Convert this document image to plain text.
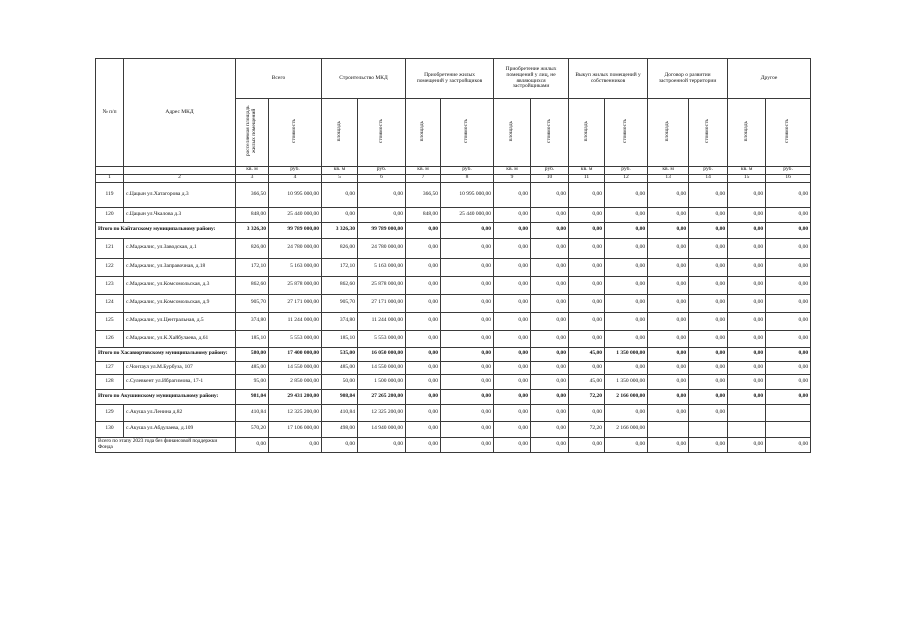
№ п/п	Адрес МКД	Всего		Строительство МКД		Приобретение жилых помещений у застройщиков		Приобретение жилых помещений у лиц, не являющихся застройщиками		Выкуп жилых помещений у собственников		Договор о развитии застроенной территории		Другое	
		расселяемая площадь жилых помещений	стоимость	площадь	стоимость	площадь	стоимость	площадь	стоимость	площадь	стоимость	площадь	стоимость	площадь	стоимость
		кв. м	руб.	кв. м	руб.	кв. м	руб.	кв. м	руб.	кв. м	руб.	кв. м	руб.	кв. м	руб.
1	2	3	4	5	6	7	8	9	10	11	12	13	14	15	16
119	с.Цацын ул.Хатагорова д.3	366,50	10 995 000,00	0,00	0,00	366,50	10 995 000,00	0,00	0,00	0,00	0,00	0,00	0,00	0,00	0,00
120	с.Цацын ул.Чкалова д.3	848,00	25 440 000,00	0,00	0,00	848,00	25 440 000,00	0,00	0,00	0,00	0,00	0,00	0,00	0,00	0,00
Итого по Кайтагскому муниципальному району:		3 326,30	99 789 000,00	3 326,30	99 789 000,00	0,00	0,00	0,00	0,00	0,00	0,00	0,00	0,00	0,00	0,00
121	с.Маджалис, ул.Заводская, д.1	826,00	24 780 000,00	826,00	24 780 000,00	0,00	0,00	0,00	0,00	0,00	0,00	0,00	0,00	0,00	0,00
122	с.Маджалис, ул.Заправочная, д.18	172,10	5 163 000,00	172,10	5 163 000,00	0,00	0,00	0,00	0,00	0,00	0,00	0,00	0,00	0,00	0,00
123	с.Маджалис, ул.Комсомольская, д.3	862,60	25 878 000,00	862,60	25 878 000,00	0,00	0,00	0,00	0,00	0,00	0,00	0,00	0,00	0,00	0,00
124	с.Маджалис, ул.Комсомольская, д.9	905,70	27 171 000,00	905,70	27 171 000,00	0,00	0,00	0,00	0,00	0,00	0,00	0,00	0,00	0,00	0,00
125	с.Маджалис, ул.Центральная, д.5	374,80	11 244 000,00	374,80	11 244 000,00	0,00	0,00	0,00	0,00	0,00	0,00	0,00	0,00	0,00	0,00
126	с.Маджалис, ул.К.Хайбулаева, д.61	185,10	5 553 000,00	185,10	5 553 000,00	0,00	0,00	0,00	0,00	0,00	0,00	0,00	0,00	0,00	0,00
Итого по Хасавюртовскому муниципальному району:		580,00	17 400 000,00	535,00	16 050 000,00	0,00	0,00	0,00	0,00	45,00	1 350 000,00	0,00	0,00	0,00	0,00
127	с.Чонтаул ул.М.Бурбуза, 107	485,00	14 550 000,00	485,00	14 550 000,00	0,00	0,00	0,00	0,00	0,00	0,00	0,00	0,00	0,00	0,00
128	с.Сулевкент ул.Ибрагимова, 17-1	95,00	2 850 000,00	50,00	1 500 000,00	0,00	0,00	0,00	0,00	45,00	1 350 000,00	0,00	0,00	0,00	0,00
Итого по Акушинскому муниципальному району:		981,04	29 431 200,00	908,84	27 265 200,00	0,00	0,00	0,00	0,00	72,20	2 166 000,00	0,00	0,00	0,00	0,00
129	с.Акуша ул.Ленина д.82	410,84	12 325 200,00	410,84	12 325 200,00	0,00	0,00	0,00	0,00	0,00	0,00	0,00	0,00		
130	с.Акуша ул.Абдулаева, д.109	570,20	17 106 000,00	498,00	14 940 000,00	0,00	0,00	0,00	0,00	72,20	2 166 000,00				
Всего по этапу 2023 года без финансовой поддержки Фонда		0,00	0,00	0,00	0,00	0,00	0,00	0,00	0,00	0,00	0,00	0,00	0,00	0,00	0,00
